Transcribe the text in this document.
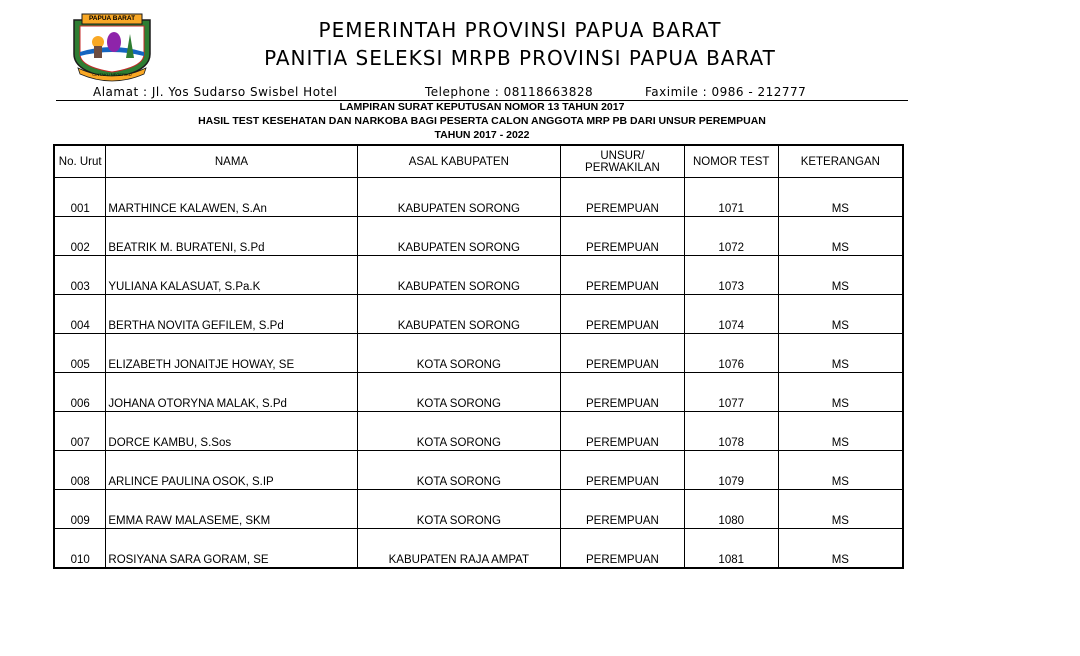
PAPUA BARAT
CINTAKU NEGERIKU
PEMERINTAH PROVINSI PAPUA BARAT
PANITIA SELEKSI MRPB PROVINSI PAPUA BARAT
Alamat : Jl. Yos Sudarso Swisbel Hotel	Telephone : 08118663828	Faximile : 0986 - 212777
LAMPIRAN SURAT KEPUTUSAN NOMOR 13 TAHUN 2017
HASIL TEST KESEHATAN DAN NARKOBA BAGI PESERTA CALON ANGGOTA MRP PB DARI UNSUR PEREMPUAN
TAHUN 2017 - 2022
No. Urut	NAMA	ASAL KABUPATEN	UNSUR/ PERWAKILAN	NOMOR TEST	KETERANGAN
001	MARTHINCE KALAWEN, S.An	KABUPATEN SORONG	PEREMPUAN	1071	MS
002	BEATRIK M. BURATENI, S.Pd	KABUPATEN SORONG	PEREMPUAN	1072	MS
003	YULIANA KALASUAT, S.Pa.K	KABUPATEN SORONG	PEREMPUAN	1073	MS
004	BERTHA NOVITA GEFILEM, S.Pd	KABUPATEN SORONG	PEREMPUAN	1074	MS
005	ELIZABETH JONAITJE HOWAY, SE	KOTA SORONG	PEREMPUAN	1076	MS
006	JOHANA OTORYNA MALAK, S.Pd	KOTA SORONG	PEREMPUAN	1077	MS
007	DORCE KAMBU, S.Sos	KOTA SORONG	PEREMPUAN	1078	MS
008	ARLINCE PAULINA OSOK, S.IP	KOTA SORONG	PEREMPUAN	1079	MS
009	EMMA RAW MALASEME, SKM	KOTA SORONG	PEREMPUAN	1080	MS
010	ROSIYANA SARA GORAM, SE	KABUPATEN RAJA AMPAT	PEREMPUAN	1081	MS
